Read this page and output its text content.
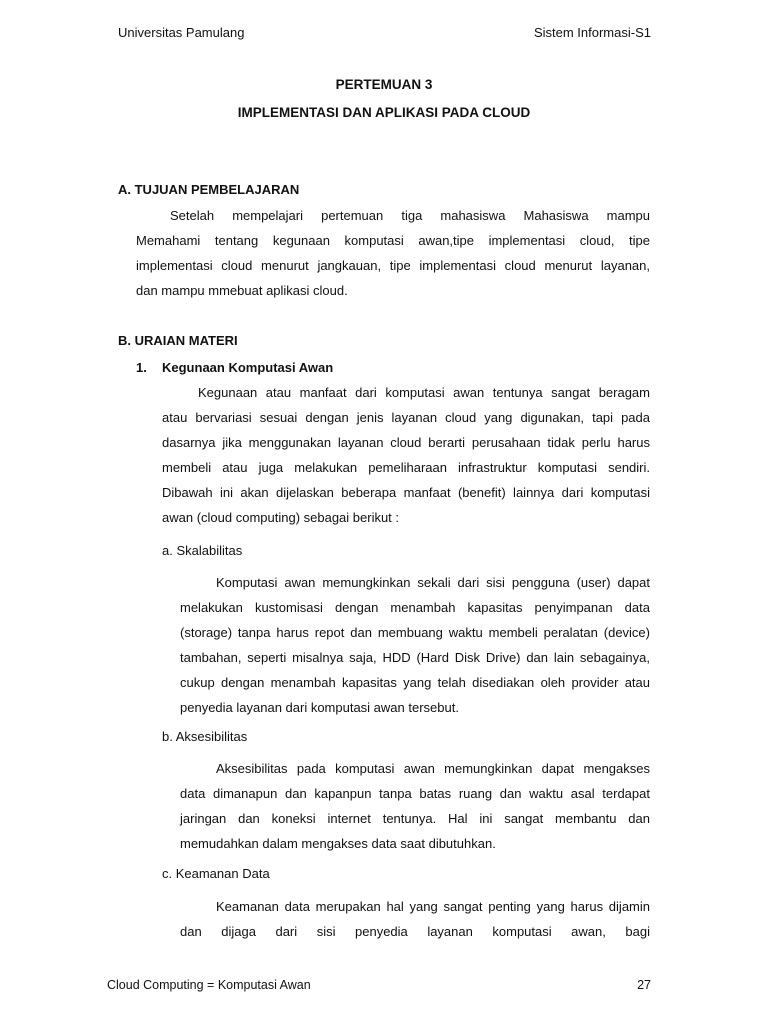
Universitas Pamulang	Sistem Informasi-S1
PERTEMUAN 3
IMPLEMENTASI DAN APLIKASI PADA CLOUD
A. TUJUAN PEMBELAJARAN
Setelah mempelajari pertemuan tiga mahasiswa Mahasiswa mampu
Memahami tentang kegunaan komputasi awan,tipe implementasi cloud, tipe
implementasi cloud menurut jangkauan, tipe implementasi cloud menurut layanan,
dan mampu mmebuat aplikasi cloud.
B. URAIAN MATERI
1. Kegunaan Komputasi Awan
Kegunaan atau manfaat dari komputasi awan tentunya sangat beragam
atau bervariasi sesuai dengan jenis layanan cloud yang digunakan, tapi pada
dasarnya jika menggunakan layanan cloud berarti perusahaan tidak perlu harus
membeli atau juga melakukan pemeliharaan infrastruktur komputasi sendiri.
Dibawah ini akan dijelaskan beberapa manfaat (benefit) lainnya dari komputasi
awan (cloud computing) sebagai berikut :
a. Skalabilitas
Komputasi awan memungkinkan sekali dari sisi pengguna (user) dapat
melakukan kustomisasi dengan menambah kapasitas penyimpanan data
(storage) tanpa harus repot dan membuang waktu membeli peralatan (device)
tambahan, seperti misalnya saja, HDD (Hard Disk Drive) dan lain sebagainya,
cukup dengan menambah kapasitas yang telah disediakan oleh provider atau
penyedia layanan dari komputasi awan tersebut.
b. Aksesibilitas
Aksesibilitas pada komputasi awan memungkinkan dapat mengakses
data dimanapun dan kapanpun tanpa batas ruang dan waktu asal terdapat
jaringan dan koneksi internet tentunya. Hal ini sangat membantu dan
memudahkan dalam mengakses data saat dibutuhkan.
c. Keamanan Data
Keamanan data merupakan hal yang sangat penting yang harus dijamin
dan dijaga dari sisi penyedia layanan komputasi awan, bagi
Cloud Computing = Komputasi Awan	27
